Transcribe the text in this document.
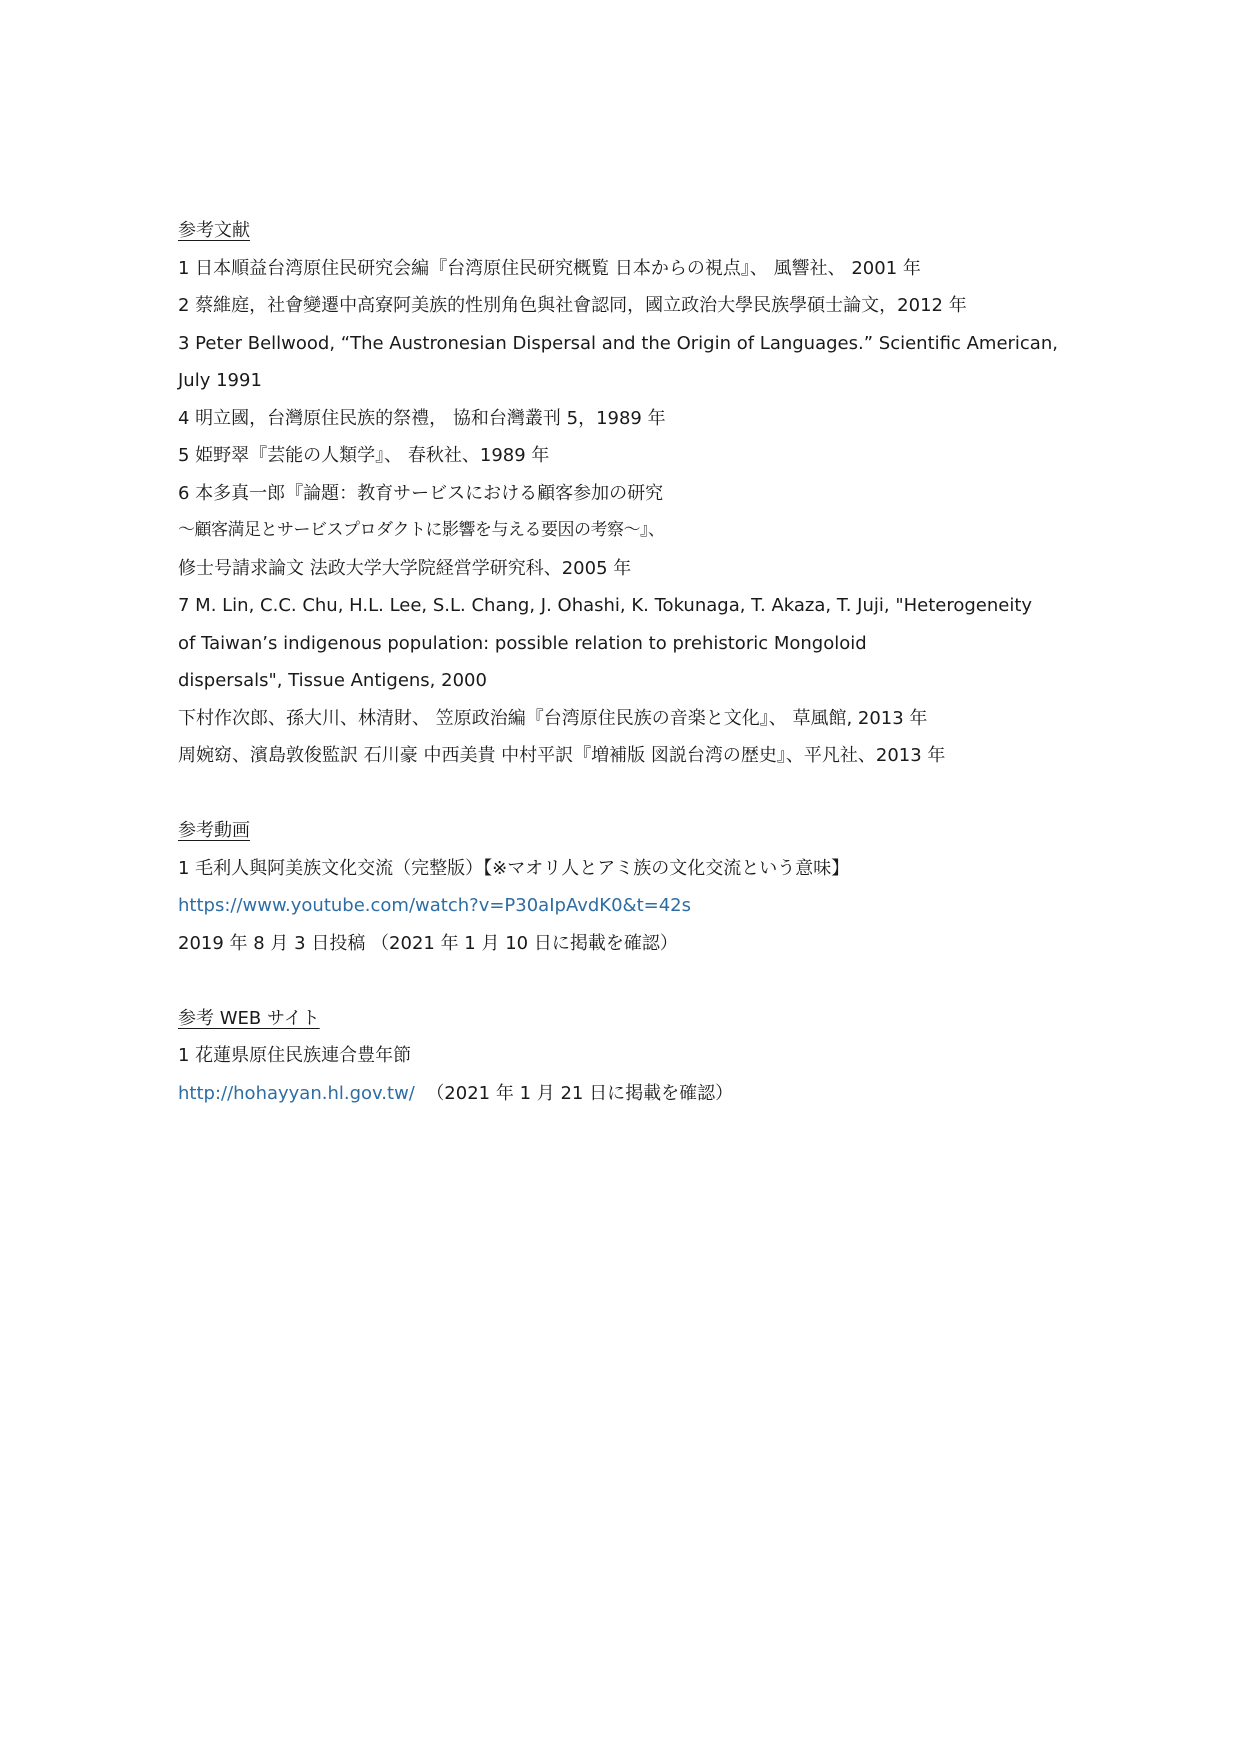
参考文献
1 日本順益台湾原住民研究会編『台湾原住民研究概覧 日本からの視点』、 風響社、 2001 年
2 蔡維庭，社會變遷中高寮阿美族的性別角色與社會認同，國立政治大學民族學碩士論文，2012 年
3 Peter Bellwood, “The Austronesian Dispersal and the Origin of Languages.” Scientific American,
July 1991
4 明立國，台灣原住民族的祭禮， 協和台灣叢刊 5，1989 年
5 姫野翠『芸能の人類学』、 春秋社、1989 年
6 本多真一郎『論題：教育サービスにおける顧客参加の研究
～顧客満足とサービスプロダクトに影響を与える要因の考察～』、
修士号請求論文 法政大学大学院経営学研究科、2005 年
7 M. Lin, C.C. Chu, H.L. Lee, S.L. Chang, J. Ohashi, K. Tokunaga, T. Akaza, T. Juji, "Heterogeneity
of Taiwan’s indigenous population: possible relation to prehistoric Mongoloid
dispersals", Tissue Antigens, 2000
下村作次郎、孫大川、林清財、 笠原政治編『台湾原住民族の音楽と文化』、 草風館, 2013 年
周婉窈、濱島敦俊監訳 石川豪 中西美貴 中村平訳『増補版 図説台湾の歴史』、平凡社、2013 年
参考動画
1 毛利人與阿美族文化交流（完整版）【※マオリ人とアミ族の文化交流という意味】
https://www.youtube.com/watch?v=P30aIpAvdK0&t=42s
2019 年 8 月 3 日投稿 （2021 年 1 月 10 日に掲載を確認）
参考 WEB サイト
1 花蓮県原住民族連合豊年節
http://hohayyan.hl.gov.tw/ （2021 年 1 月 21 日に掲載を確認）
